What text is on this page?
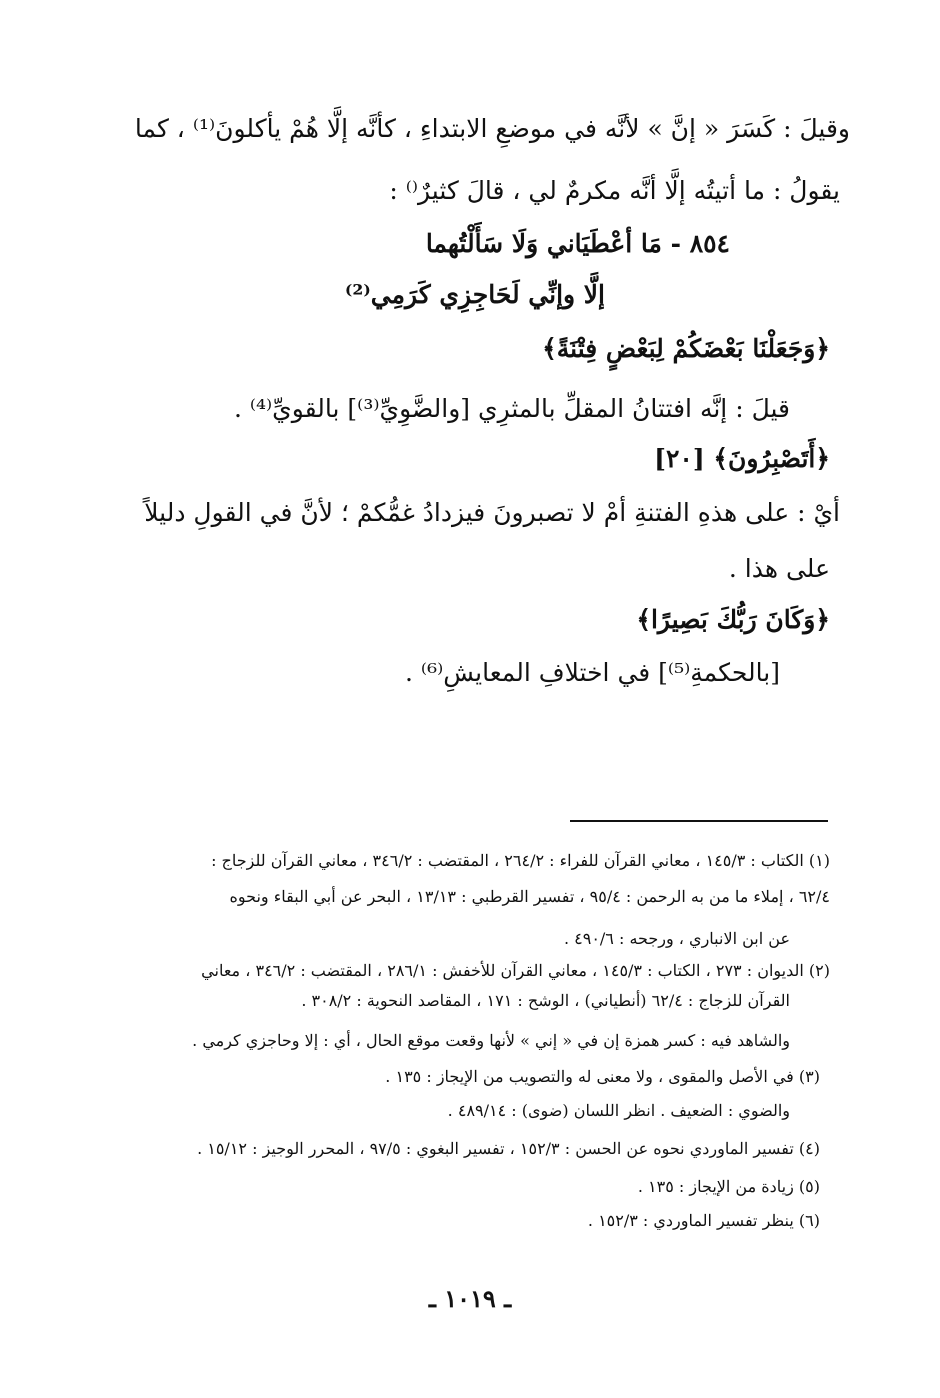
وقيلَ : كَسَرَ « إنَّ » لأنَّه في موضعِ الابتداءِ ، كأنَّه إلَّا هُمْ يأكلونَ⁽¹⁾ ، كما
يقولُ : ما أتيتُه إلَّا أنَّه مكرمٌ لي ، قالَ كثيرٌ⁽⁾ :
٨٥٤ - مَا أعْطَيَاني وَلَا سَأَلْتُهما
إلَّا وإنِّي لَحَاجِزِي كَرَمِي⁽²⁾
﴿وَجَعَلْنَا بَعْضَكُمْ لِبَعْضٍ فِتْنَةً﴾
قيلَ : إنَّه افتتانُ المقلِّ بالمثرِي [والضَّوِيِّ⁽³⁾] بالقويِّ⁽⁴⁾ .
﴿أَتَصْبِرُونَ﴾ [٢٠]
أيْ : على هذهِ الفتنةِ أمْ لا تصبرونَ فيزدادُ غمُّكمْ ؛ لأنَّ في القولِ دليلاً
على هذا .
﴿وَكَانَ رَبُّكَ بَصِيرًا﴾
[بالحكمةِ⁽⁵⁾] في اختلافِ المعايشِ⁽⁶⁾ .
(١) الكتاب : ١٤٥/٣ ، معاني القرآن للفراء : ٢٦٤/٢ ، المقتضب : ٣٤٦/٢ ، معاني القرآن للزجاج :
٦٢/٤ ، إملاء ما من به الرحمن : ٩٥/٤ ، تفسير القرطبي : ١٣/١٣ ، البحر عن أبي البقاء ونحوه
عن ابن الانباري ، ورجحه : ٤٩٠/٦ .
(٢) الديوان : ٢٧٣ ، الكتاب : ١٤٥/٣ ، معاني القرآن للأخفش : ٢٨٦/١ ، المقتضب : ٣٤٦/٢ ، معاني
القرآن للزجاج : ٦٢/٤ (أنطياني) ، الوشح : ١٧١ ، المقاصد النحوية : ٣٠٨/٢ .
والشاهد فيه : كسر همزة إن في « إني » لأنها وقعت موقع الحال ، أي : إلا وحاجزي كرمي .
(٣) في الأصل والمقوى ، ولا معنى له والتصويب من الإيجاز : ١٣٥ .
والضوي : الضعيف . انظر اللسان (ضوى) : ٤٨٩/١٤ .
(٤) تفسير الماوردي نحوه عن الحسن : ١٥٢/٣ ، تفسير البغوي : ٩٧/٥ ، المحرر الوجيز : ١٥/١٢ .
(٥) زيادة من الإيجاز : ١٣٥ .
(٦) ينظر تفسير الماوردي : ١٥٢/٣ .
ـ ١٠١٩ ـ
